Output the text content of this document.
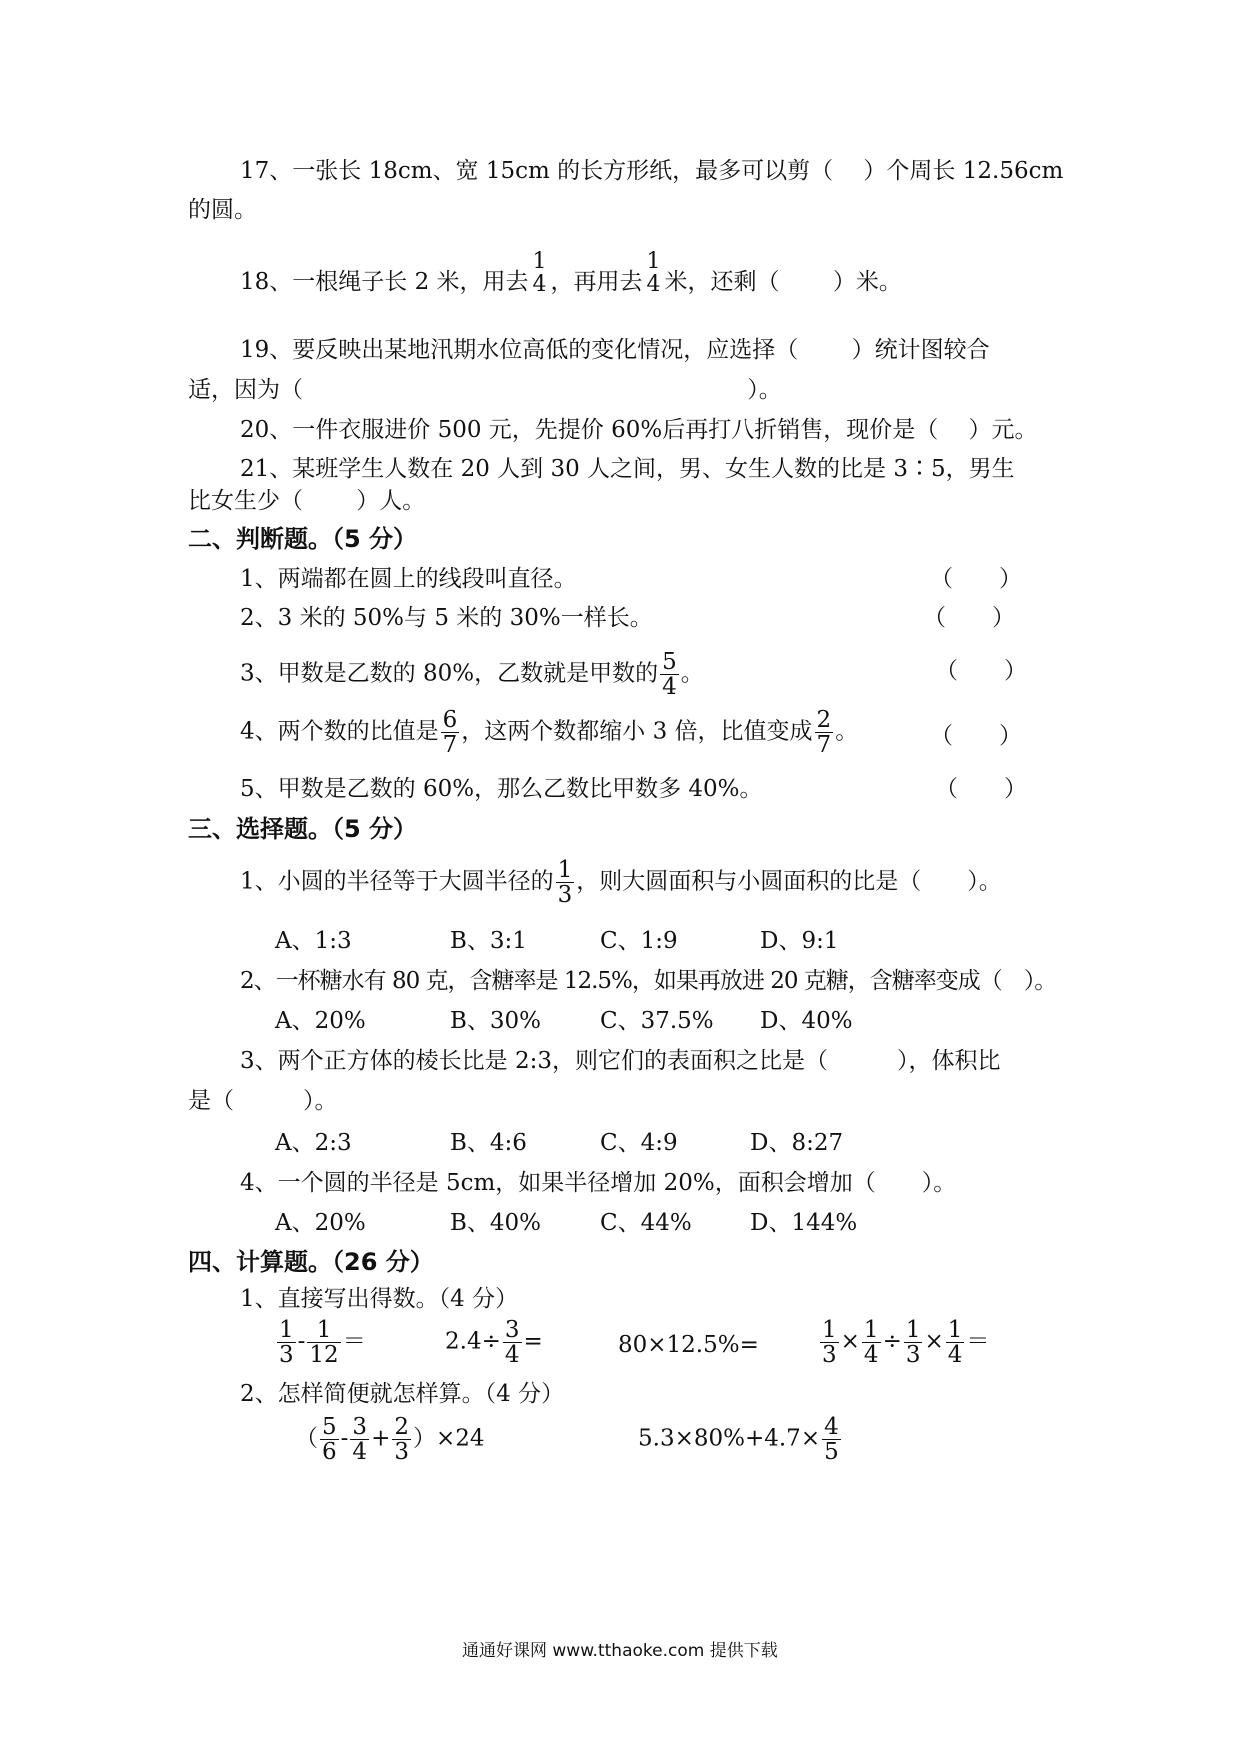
17、一张长 18cm、宽 15cm 的长方形纸，最多可以剪（　 ）个周长 12.56cm
的圆。
18、一根绳子长 2 米，用去
1
4 ，再用去
1
4 米，还剩（　　 ）米。
19、要反映出某地汛期水位高低的变化情况，应选择（　　 ）统计图较合
适，因为（　　　　　　　　　　　　　　　　　　　 ）。
20、一件衣服进价 500 元，先提价 60%后再打八折销售，现价是（　 ）元。
21、某班学生人数在 20 人到 30 人之间，男、女生人数的比是 3∶5，男生
比女生少（　　 ）人。
二、判断题。（5 分）
1、两端都在圆上的线段叫直径。	（　　）
2、3 米的 50%与 5 米的 30%一样长。	（　　）
3、甲数是乙数的 80%，乙数就是甲数的 $\frac{5}{4}$ 。	（　　）
4、两个数的比值是 $\frac{6}{7}$ ，这两个数都缩小 3 倍，比值变成 $\frac{2}{7}$ 。	（　　）
5、甲数是乙数的 60%，那么乙数比甲数多 40%。	（　　）
三、选择题。（5 分）
1、小圆的半径等于大圆半径的 $\frac{1}{3}$ ，则大圆面积与小圆面积的比是（　　）。
A、1:3	B、3:1	C、1:9	D、9:1
2、一杯糖水有 80 克，含糖率是 12.5%，如果再放进 20 克糖，含糖率变成（　）。
A、20%	B、30%	C、37.5% D、40%
3、两个正方体的棱长比是 2:3，则它们的表面积之比是（　　　），体积比
是（　　　）。
A、2:3	B、4:6	C、4:9	D、8:27
4、一个圆的半径是 5cm，如果半径增加 20%，面积会增加（　　）。
A、20%	B、40%	C、44%	D、144%
四、计算题。（26 分）
1、直接写出得数。（4 分）
$\frac{1}{3} - \frac{1}{12}$ ＝	$2.4\div \frac{3}{4}$ =	80×12.5%=	$\frac{1}{3} \times \frac{1}{4} \div \frac{1}{3} \times \frac{1}{4}$ ＝
2、怎样简便就怎样算。（4 分）
（ $\frac{5}{6} - \frac{3}{4} + \frac{2}{3} )\times 24$	$5.3\times 80\%+4.7\times \frac{4}{5}$
通通好课网 www.tthaoke.com 提供下载
